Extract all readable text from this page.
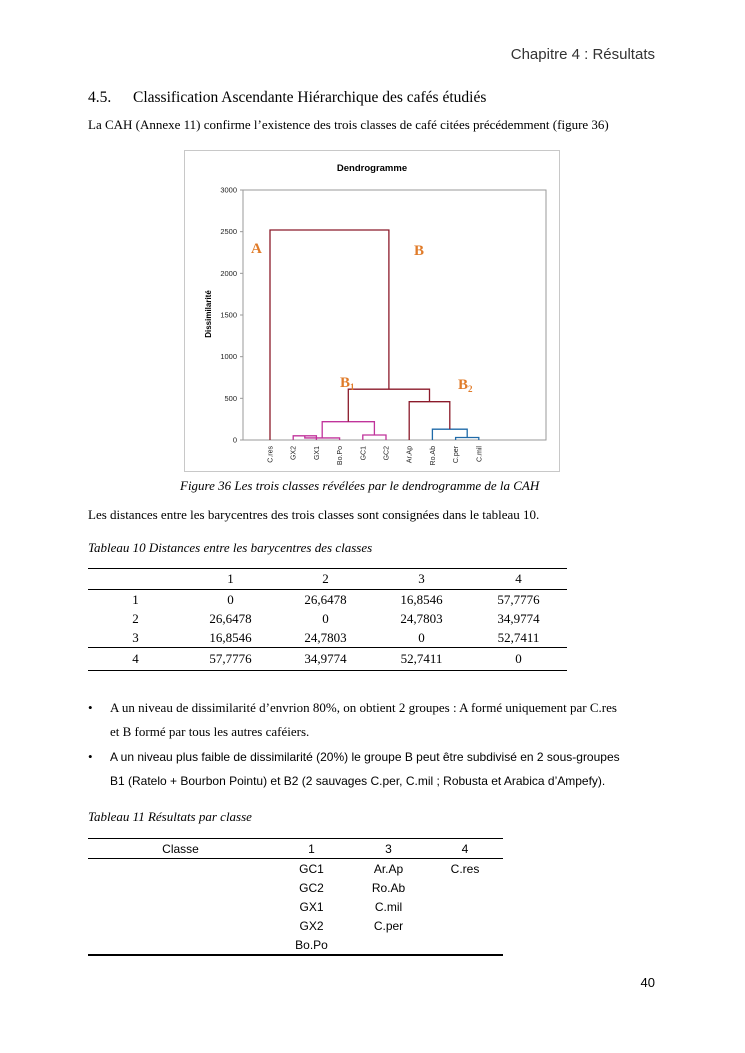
Chapitre 4 : Résultats
4.5. Classification Ascendante Hiérarchique des cafés étudiés
La CAH (Annexe 11) confirme l’existence des trois classes de café citées précédemment (figure 36)
Dendrogramme
Dissimilarité
3000
2500
2000
1500
1000
500
0
C.res GX2 GX1 Bo.Po GC1 GC2 Ar.Ap Ro.Ab C.per C.mil
A	B
$B_1$	$B_2$
Figure 36 Les trois classes révélées par le dendrogramme de la CAH
Les distances entre les barycentres des trois classes sont consignées dans le tableau 10.
Tableau 10 Distances entre les barycentres des classes
	1	2	3	4
1	0	26,6478	16,8546	57,7776
2	26,6478	0	24,7803	34,9774
3	16,8546	24,7803	0	52,7411
4	57,7776	34,9774	52,7411	0
• A un niveau de dissimilarité d’envrion 80%, on obtient 2 groupes : A formé uniquement par C.res
et B formé par tous les autres caféiers.
• A un niveau plus faible de dissimilarité (20%) le groupe B peut être subdivisé en 2 sous-groupes
B1 (Ratelo + Bourbon Pointu) et B2 (2 sauvages C.per, C.mil ; Robusta et Arabica d’Ampefy).
Tableau 11 Résultats par classe
Classe	1	3	4
	GC1	Ar.Ap	C.res
	GC2	Ro.Ab	
	GX1	C.mil	
	GX2	C.per	
	Bo.Po		
40
